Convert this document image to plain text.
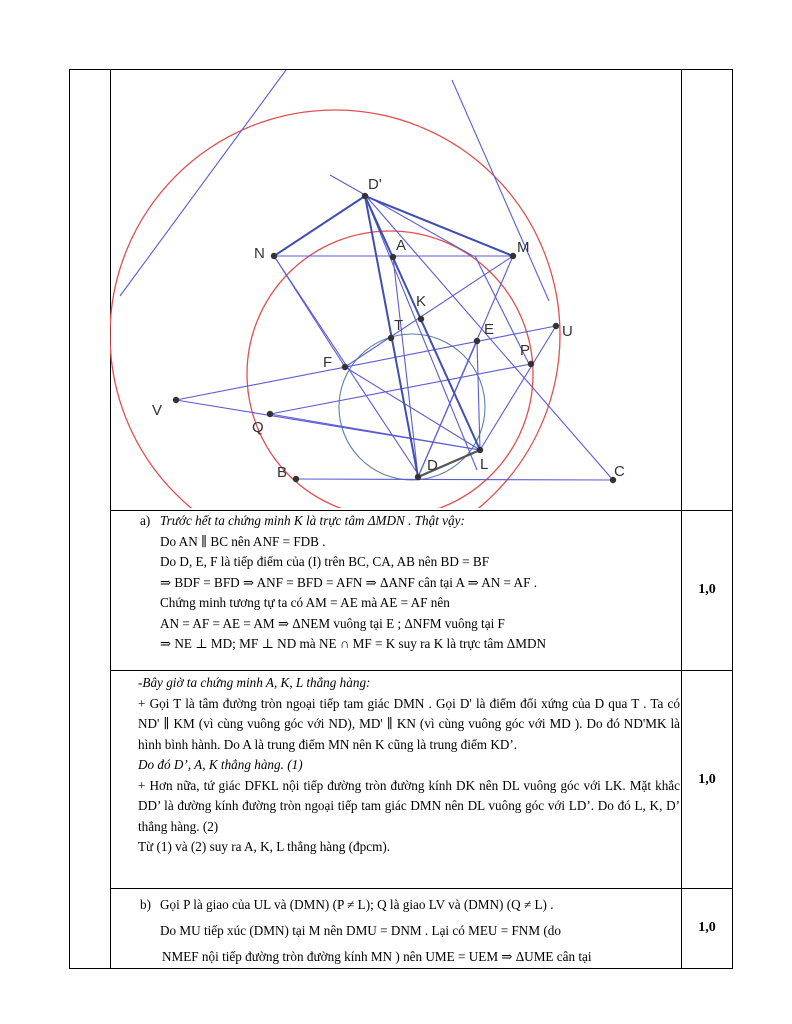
D'
A	M
N
K
T	E	U
P
F
V
Q
B	D	L	C
a) Trước hết ta chứng minh K là trực tâm ΔMDN . Thật vậy:

Do AN ∥ BC nên ANF = FDB .

Do D, E, F là tiếp điểm của (I) trên BC, CA, AB nên BD = BF

⇒ BDF = BFD ⇒ ANF = BFD = AFN ⇒ ΔANF cân tại A ⇒ AN = AF .

Chứng minh tương tự ta có AM = AE mà AE = AF nên

AN = AF = AE = AM ⇒ ΔNEM vuông tại E ; ΔNFM vuông tại F

⇒ NE ⊥ MD; MF ⊥ ND mà NE ∩ MF = K suy ra K là trực tâm ΔMDN

1,0

-Bây giờ ta chứng minh A, K, L thẳng hàng:

+ Gọi T là tâm đường tròn ngoại tiếp tam giác DMN . Gọi D' là điểm đối xứng của D qua T . Ta có ND' ∥ KM (vì cùng vuông góc với ND), MD' ∥ KN (vì cùng vuông góc với MD ). Do đó ND'MK là hình bình hành. Do A là trung điểm MN nên K cũng là trung điểm KD’.

Do đó D’, A, K thẳng hàng. (1)

+ Hơn nữa, tứ giác DFKL nội tiếp đường tròn đường kính DK nên DL vuông góc với LK. Mặt khắc DD’ là đường kính đường tròn ngoại tiếp tam giác DMN nên DL vuông góc với LD’. Do đó L, K, D’ thẳng hàng. (2)

Từ (1) và (2) suy ra A, K, L thẳng hàng (đpcm).

1,0
b) Gọi P là giao của UL và (DMN) (P ≠ L); Q là giao LV và (DMN) (Q ≠ L) .

Do MU tiếp xúc (DMN) tại M nên DMU = DNM . Lại có MEU = FNM (do

NMEF nội tiếp đường tròn đường kính MN ) nên UME = UEM ⇒ ΔUME cân tại

1,0
